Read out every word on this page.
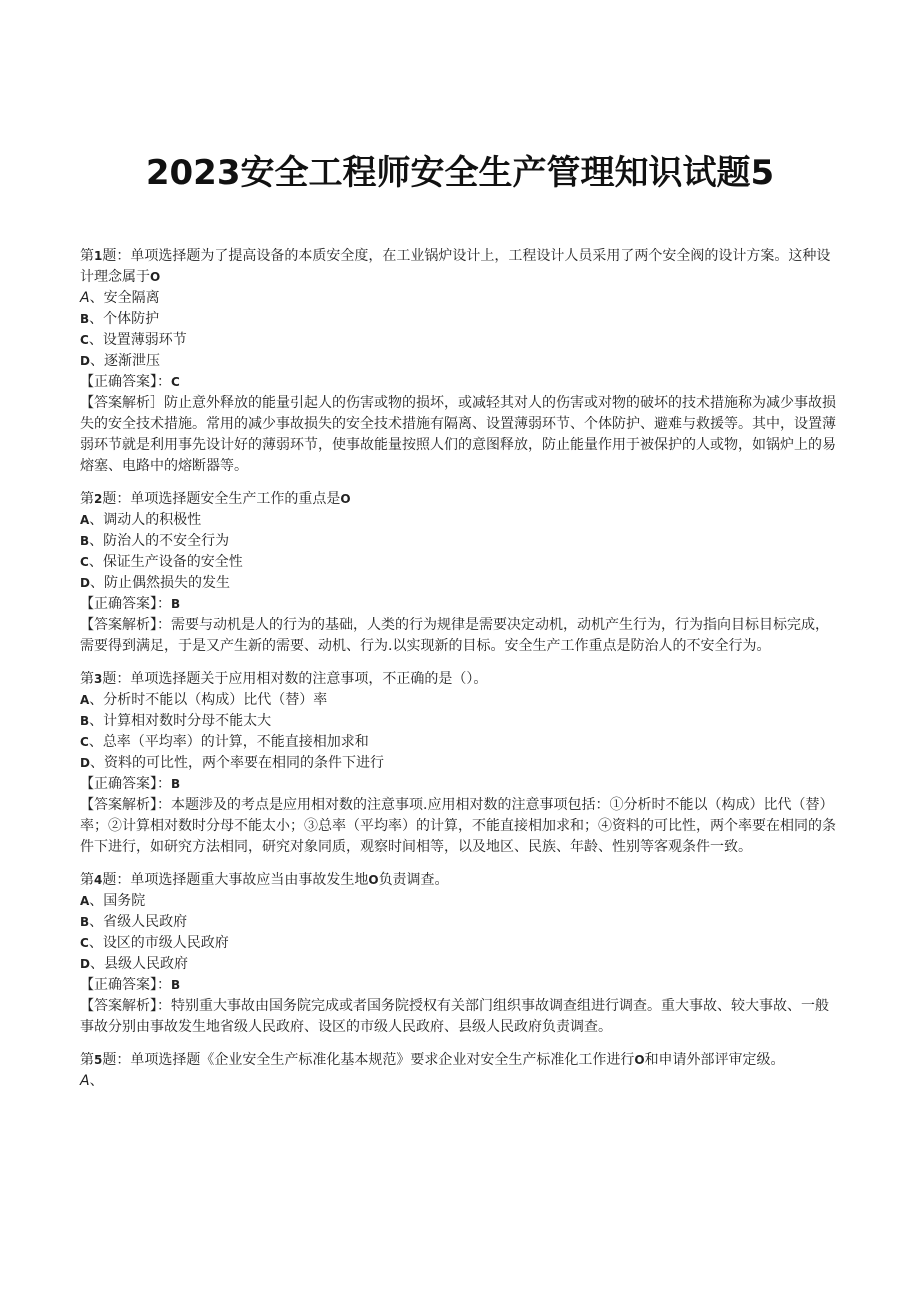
2023安全工程师安全生产管理知识试题5
第1题：单项选择题为了提高设备的本质安全度，在工业锅炉设计上，工程设计人员采用了两个安全阀的设计方案。这种设计理念属于O
A、安全隔离
B、个体防护
C、设置薄弱环节
D、逐渐泄压
【正确答案】：C
【答案解析］防止意外释放的能量引起人的伤害或物的损坏，或减轻其对人的伤害或对物的破坏的技术措施称为减少事故损失的安全技术措施。常用的减少事故损失的安全技术措施有隔离、设置薄弱环节、个体防护、避难与救援等。其中，设置薄弱环节就是利用事先设计好的薄弱环节，使事故能量按照人们的意图释放，防止能量作用于被保护的人或物，如锅炉上的易熔塞、电路中的熔断器等。
第2题：单项选择题安全生产工作的重点是O
A、调动人的积极性
B、防治人的不安全行为
C、保证生产设备的安全性
D、防止偶然损失的发生
【正确答案】：B
【答案解析】：需要与动机是人的行为的基础，人类的行为规律是需要决定动机，动机产生行为，行为指向目标目标完成，需要得到满足，于是又产生新的需要、动机、行为.以实现新的目标。安全生产工作重点是防治人的不安全行为。
第3题：单项选择题关于应用相对数的注意事项，不正确的是（）。
A、分析时不能以（构成）比代（替）率
B、计算相对数时分母不能太大
C、总率（平均率）的计算，不能直接相加求和
D、资料的可比性，两个率要在相同的条件下进行
【正确答案】：B
【答案解析】：本题涉及的考点是应用相对数的注意事项.应用相对数的注意事项包括：①分析时不能以（构成）比代（替）率；②计算相对数时分母不能太小；③总率（平均率）的计算，不能直接相加求和；④资料的可比性，两个率要在相同的条件下进行，如研究方法相同，研究对象同质，观察时间相等，以及地区、民族、年龄、性别等客观条件一致。
第4题：单项选择题重大事故应当由事故发生地O负责调查。
A、国务院
B、省级人民政府
C、设区的市级人民政府
D、县级人民政府
【正确答案】：B
【答案解析】：特别重大事故由国务院完成或者国务院授权有关部门组织事故调查组进行调查。重大事故、较大事故、一般事故分别由事故发生地省级人民政府、设区的市级人民政府、县级人民政府负责调查。
第5题：单项选择题《企业安全生产标准化基本规范》要求企业对安全生产标准化工作进行O和申请外部评审定级。
A、
